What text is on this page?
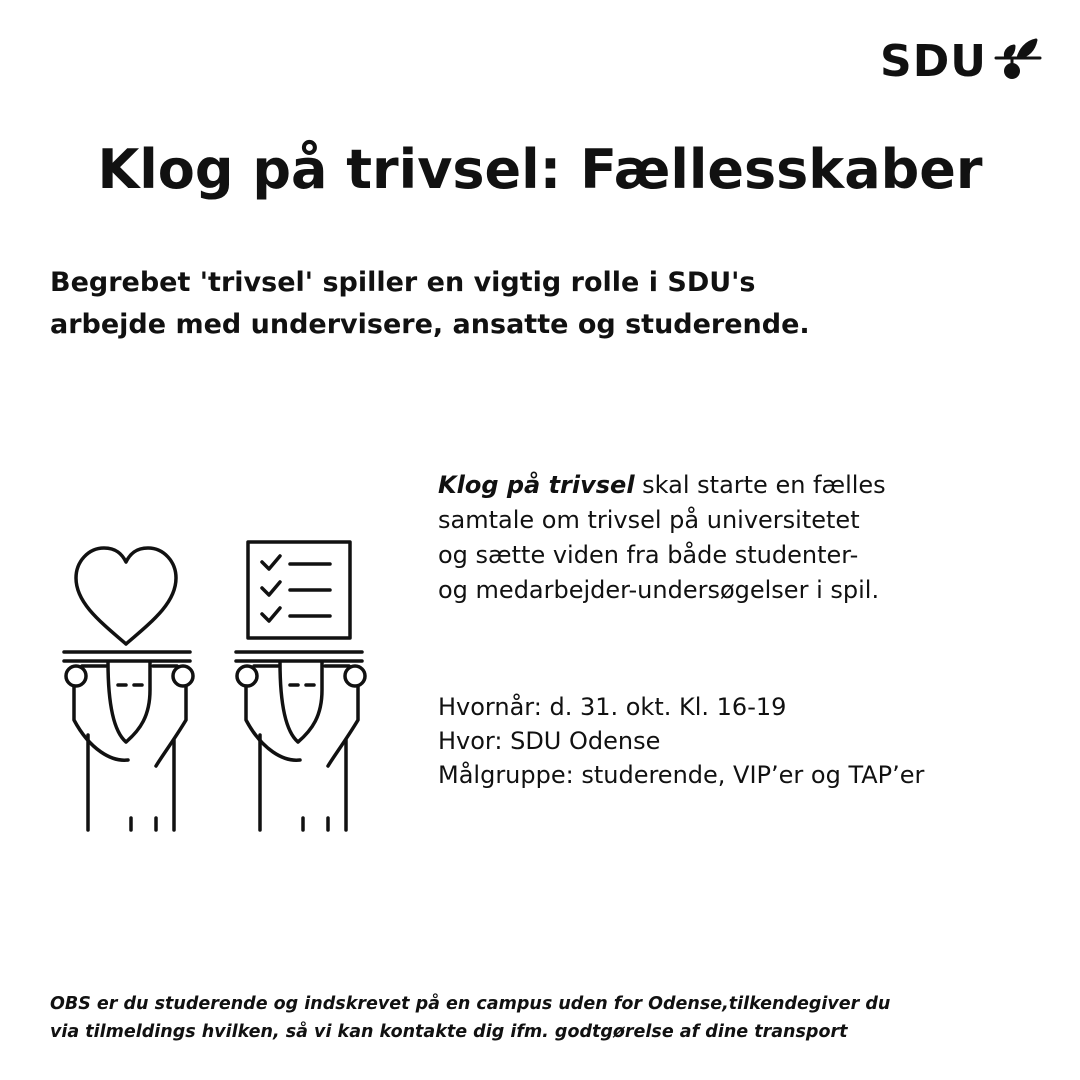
SDU
Klog på trivsel: Fællesskaber
Begrebet 'trivsel' spiller en vigtig rolle i SDU's
arbejde med undervisere, ansatte og studerende.
Klog på trivsel skal starte en fælles
samtale om trivsel på universitetet
og sætte viden fra både studenter-
og medarbejder-undersøgelser i spil.
Hvornår: d. 31. okt. Kl. 16-19
Hvor: SDU Odense
Målgruppe: studerende, VIP’er og TAP’er
OBS er du studerende og indskrevet på en campus uden for Odense,tilkendegiver du
via tilmeldings hvilken, så vi kan kontakte dig ifm. godtgørelse af dine transport
